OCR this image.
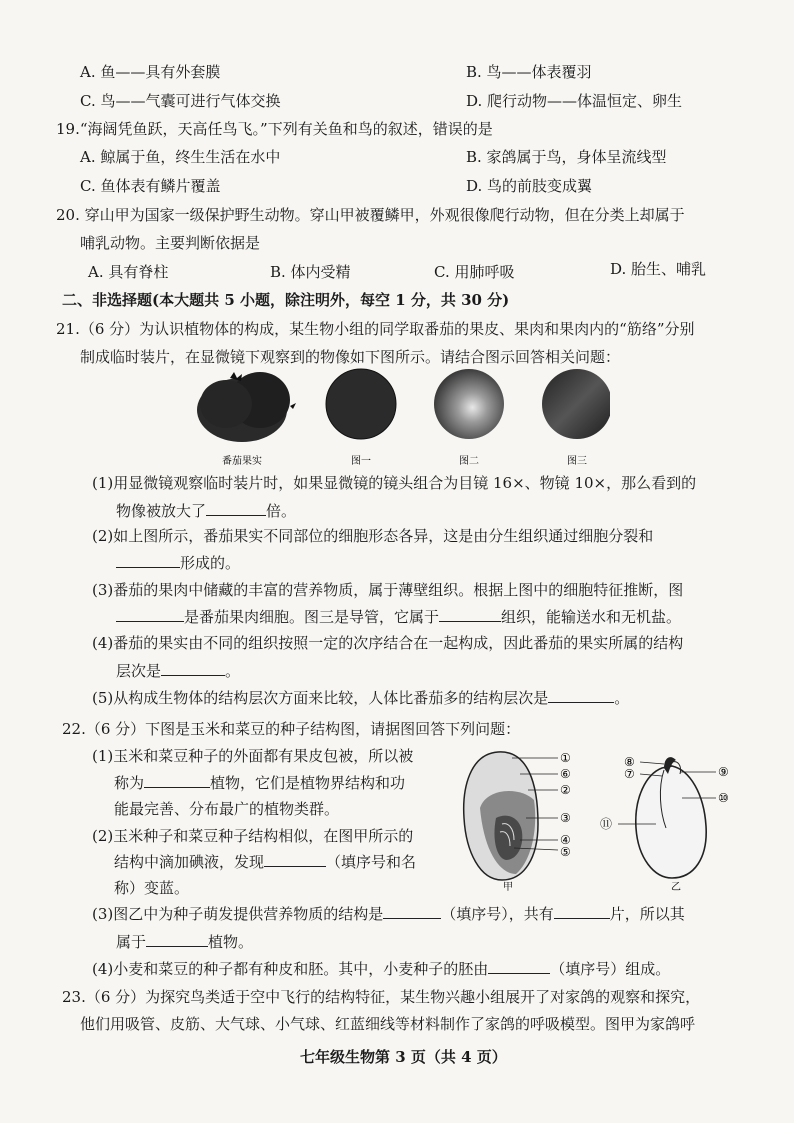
A. 鱼——具有外套膜	B. 鸟——体表覆羽
C. 鸟——气囊可进行气体交换	D. 爬行动物——体温恒定、卵生
19.“海阔凭鱼跃，天高任鸟飞。”下列有关鱼和鸟的叙述，错误的是
A. 鲸属于鱼，终生生活在水中	B. 家鸽属于鸟，身体呈流线型
C. 鱼体表有鳞片覆盖	D. 鸟的前肢变成翼
20. 穿山甲为国家一级保护野生动物。穿山甲被覆鳞甲，外观很像爬行动物，但在分类上却属于
哺乳动物。主要判断依据是
A. 具有脊柱	B. 体内受精	C. 用肺呼吸	D. 胎生、哺乳
二、非选择题(本大题共 5 小题，除注明外，每空 1 分，共 30 分)
21.（6 分）为认识植物体的构成，某生物小组的同学取番茄的果皮、果肉和果肉内的“筋络”分别
制成临时装片，在显微镜下观察到的物像如下图所示。请结合图示回答相关问题：
番茄果实	图一	图二	图三
(1)用显微镜观察临时装片时，如果显微镜的镜头组合为目镜 16×、物镜 10×，那么看到的
物像被放大了	倍。
(2)如上图所示，番茄果实不同部位的细胞形态各异，这是由分生组织通过细胞分裂和
形成的。
(3)番茄的果肉中储藏的丰富的营养物质，属于薄壁组织。根据上图中的细胞特征推断，图
是番茄果肉细胞。图三是导管，它属于	组织，能输送水和无机盐。
(4)番茄的果实由不同的组织按照一定的次序结合在一起构成，因此番茄的果实所属的结构
层次是	。
(5)从构成生物体的结构层次方面来比较，人体比番茄多的结构层次是	。
22.（6 分）下图是玉米和菜豆的种子结构图，请据图回答下列问题：
(1)玉米和菜豆种子的外面都有果皮包被，所以被
称为	植物，它们是植物界结构和功
能最完善、分布最广的植物类群。
(2)玉米种子和菜豆种子结构相似，在图甲所示的
结构中滴加碘液，发现	（填序号和名
称）变蓝。
①
⑥
②
③
④
⑤
甲
⑧
⑦	⑨
⑩
⑪
乙
(3)图乙中为种子萌发提供营养物质的结构是	（填序号），共有	片，所以其
属于	植物。
(4)小麦和菜豆的种子都有种皮和胚。其中，小麦种子的胚由	（填序号）组成。
23.（6 分）为探究鸟类适于空中飞行的结构特征，某生物兴趣小组展开了对家鸽的观察和探究，
他们用吸管、皮筋、大气球、小气球、红蓝细线等材料制作了家鸽的呼吸模型。图甲为家鸽呼
七年级生物第 3 页（共 4 页）
